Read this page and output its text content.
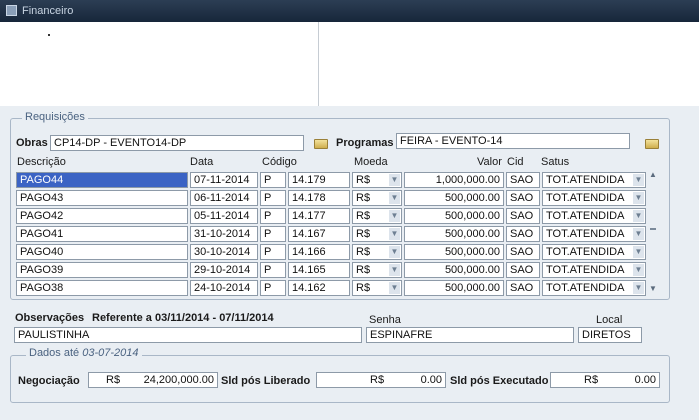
Financeiro
Requisições
Obras CP14-DP - EVENTO14-DP	Programas FEIRA - EVENTO-14
Descrição	Data	Código	Moeda	Valor Cid Satus
PAGO44	07-11-2014	P	14.179	R$	▼	1,000,000.00 SAO	TOT.ATENDIDA ▼
PAGO43	06-11-2014	P	14.178	R$	▼	500,000.00 SAO	TOT.ATENDIDA ▼
PAGO42	05-11-2014	P	14.177	R$	▼	500,000.00 SAO	TOT.ATENDIDA ▼
PAGO41	31-10-2014	P	14.167	R$	▼	500,000.00 SAO	TOT.ATENDIDA ▼
PAGO40	30-10-2014	P	14.166	R$	▼	500,000.00 SAO	TOT.ATENDIDA ▼
PAGO39	29-10-2014	P	14.165	R$	▼	500,000.00 SAO	TOT.ATENDIDA ▼
PAGO38	24-10-2014	P	14.162	R$	▼	500,000.00 SAO	TOT.ATENDIDA ▼
▲
▼
Observações Referente a 03/11/2014 - 07/11/2014
PAULISTINHA
Senha
ESPINAFRE
Local
DIRETOS
Dados até 03-07-2014
Negociação	R$ 24,200,000.00 Sld pós Liberado	R$	0.00 Sld pós Executado	R$	0.00
